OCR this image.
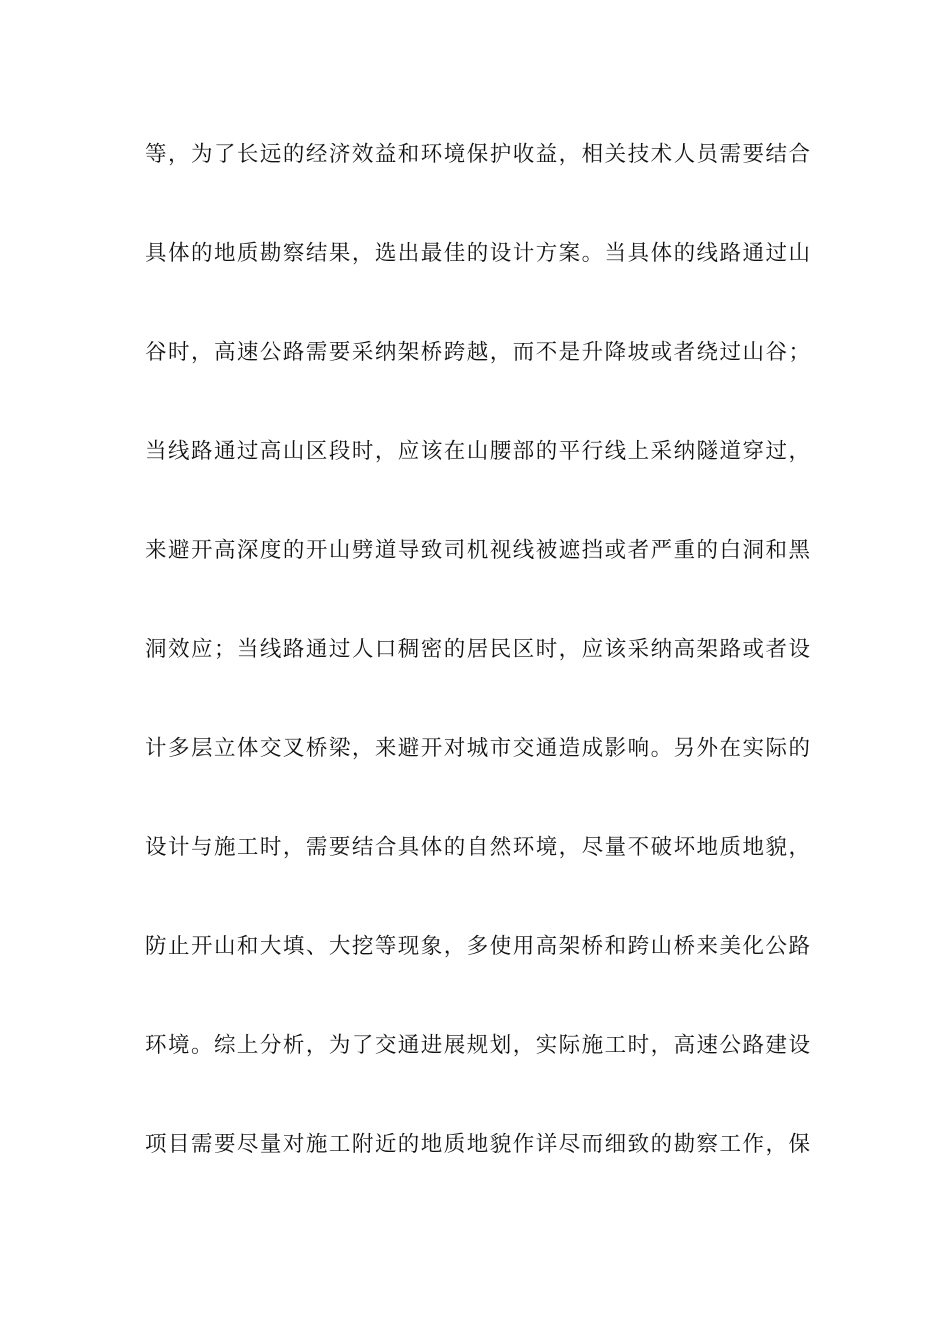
等，为了长远的经济效益和环境保护收益，相关技术人员需要结合
具体的地质勘察结果，选出最佳的设计方案。当具体的线路通过山
谷时，高速公路需要采纳架桥跨越，而不是升降坡或者绕过山谷；
当线路通过高山区段时，应该在山腰部的平行线上采纳隧道穿过，
来避开高深度的开山劈道导致司机视线被遮挡或者严重的白洞和黑
洞效应；当线路通过人口稠密的居民区时，应该采纳高架路或者设
计多层立体交叉桥梁，来避开对城市交通造成影响。另外在实际的
设计与施工时，需要结合具体的自然环境，尽量不破坏地质地貌，
防止开山和大填、大挖等现象，多使用高架桥和跨山桥来美化公路
环境。综上分析，为了交通进展规划，实际施工时，高速公路建设
项目需要尽量对施工附近的地质地貌作详尽而细致的勘察工作，保
